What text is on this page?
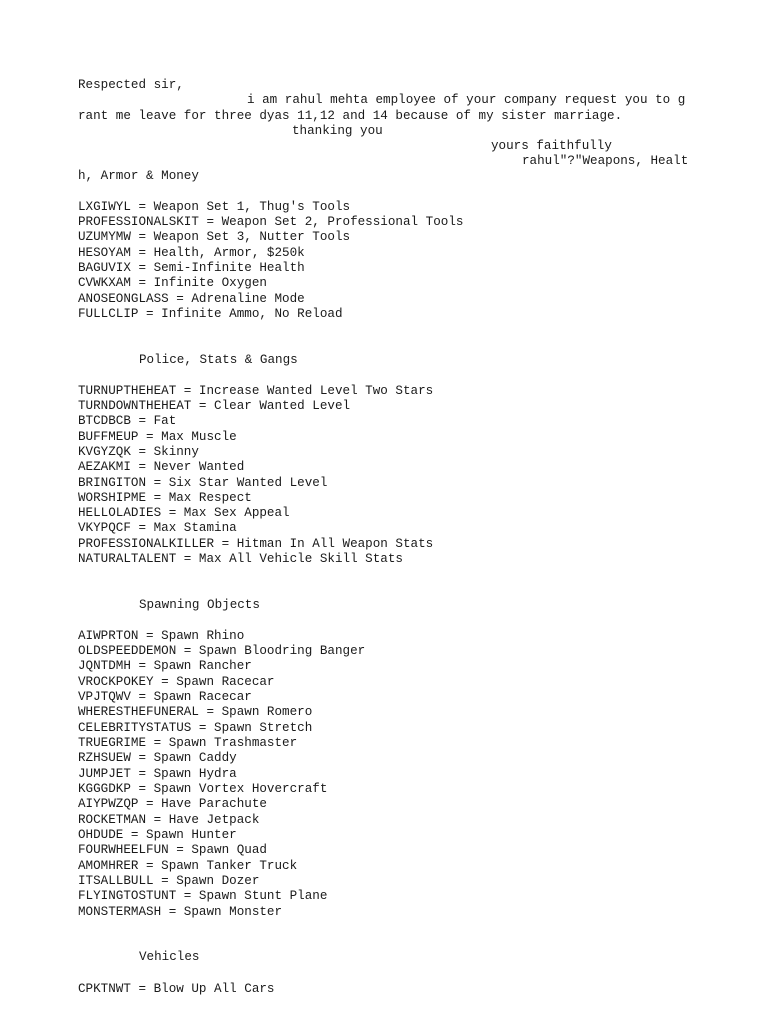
Respected sir,
i am rahul mehta employee of your company request you to g
rant me leave for three dyas 11,12 and 14 because of my sister marriage.
thanking you
yours faithfully
rahul"?"Weapons, Healt
h, Armor & Money
LXGIWYL = Weapon Set 1, Thug's Tools
PROFESSIONALSKIT = Weapon Set 2, Professional Tools
UZUMYMW = Weapon Set 3, Nutter Tools
HESOYAM = Health, Armor, $250k
BAGUVIX = Semi-Infinite Health
CVWKXAM = Infinite Oxygen
ANOSEONGLASS = Adrenaline Mode
FULLCLIP = Infinite Ammo, No Reload
Police, Stats & Gangs
TURNUPTHEHEAT = Increase Wanted Level Two Stars
TURNDOWNTHEHEAT = Clear Wanted Level
BTCDBCB = Fat
BUFFMEUP = Max Muscle
KVGYZQK = Skinny
AEZAKMI = Never Wanted
BRINGITON = Six Star Wanted Level
WORSHIPME = Max Respect
HELLOLADIES = Max Sex Appeal
VKYPQCF = Max Stamina
PROFESSIONALKILLER = Hitman In All Weapon Stats
NATURALTALENT = Max All Vehicle Skill Stats
Spawning Objects
AIWPRTON = Spawn Rhino
OLDSPEEDDEMON = Spawn Bloodring Banger
JQNTDMH = Spawn Rancher
VROCKPOKEY = Spawn Racecar
VPJTQWV = Spawn Racecar
WHERESTHEFUNERAL = Spawn Romero
CELEBRITYSTATUS = Spawn Stretch
TRUEGRIME = Spawn Trashmaster
RZHSUEW = Spawn Caddy
JUMPJET = Spawn Hydra
KGGGDKP = Spawn Vortex Hovercraft
AIYPWZQP = Have Parachute
ROCKETMAN = Have Jetpack
OHDUDE = Spawn Hunter
FOURWHEELFUN = Spawn Quad
AMOMHRER = Spawn Tanker Truck
ITSALLBULL = Spawn Dozer
FLYINGTOSTUNT = Spawn Stunt Plane
MONSTERMASH = Spawn Monster
Vehicles
CPKTNWT = Blow Up All Cars
